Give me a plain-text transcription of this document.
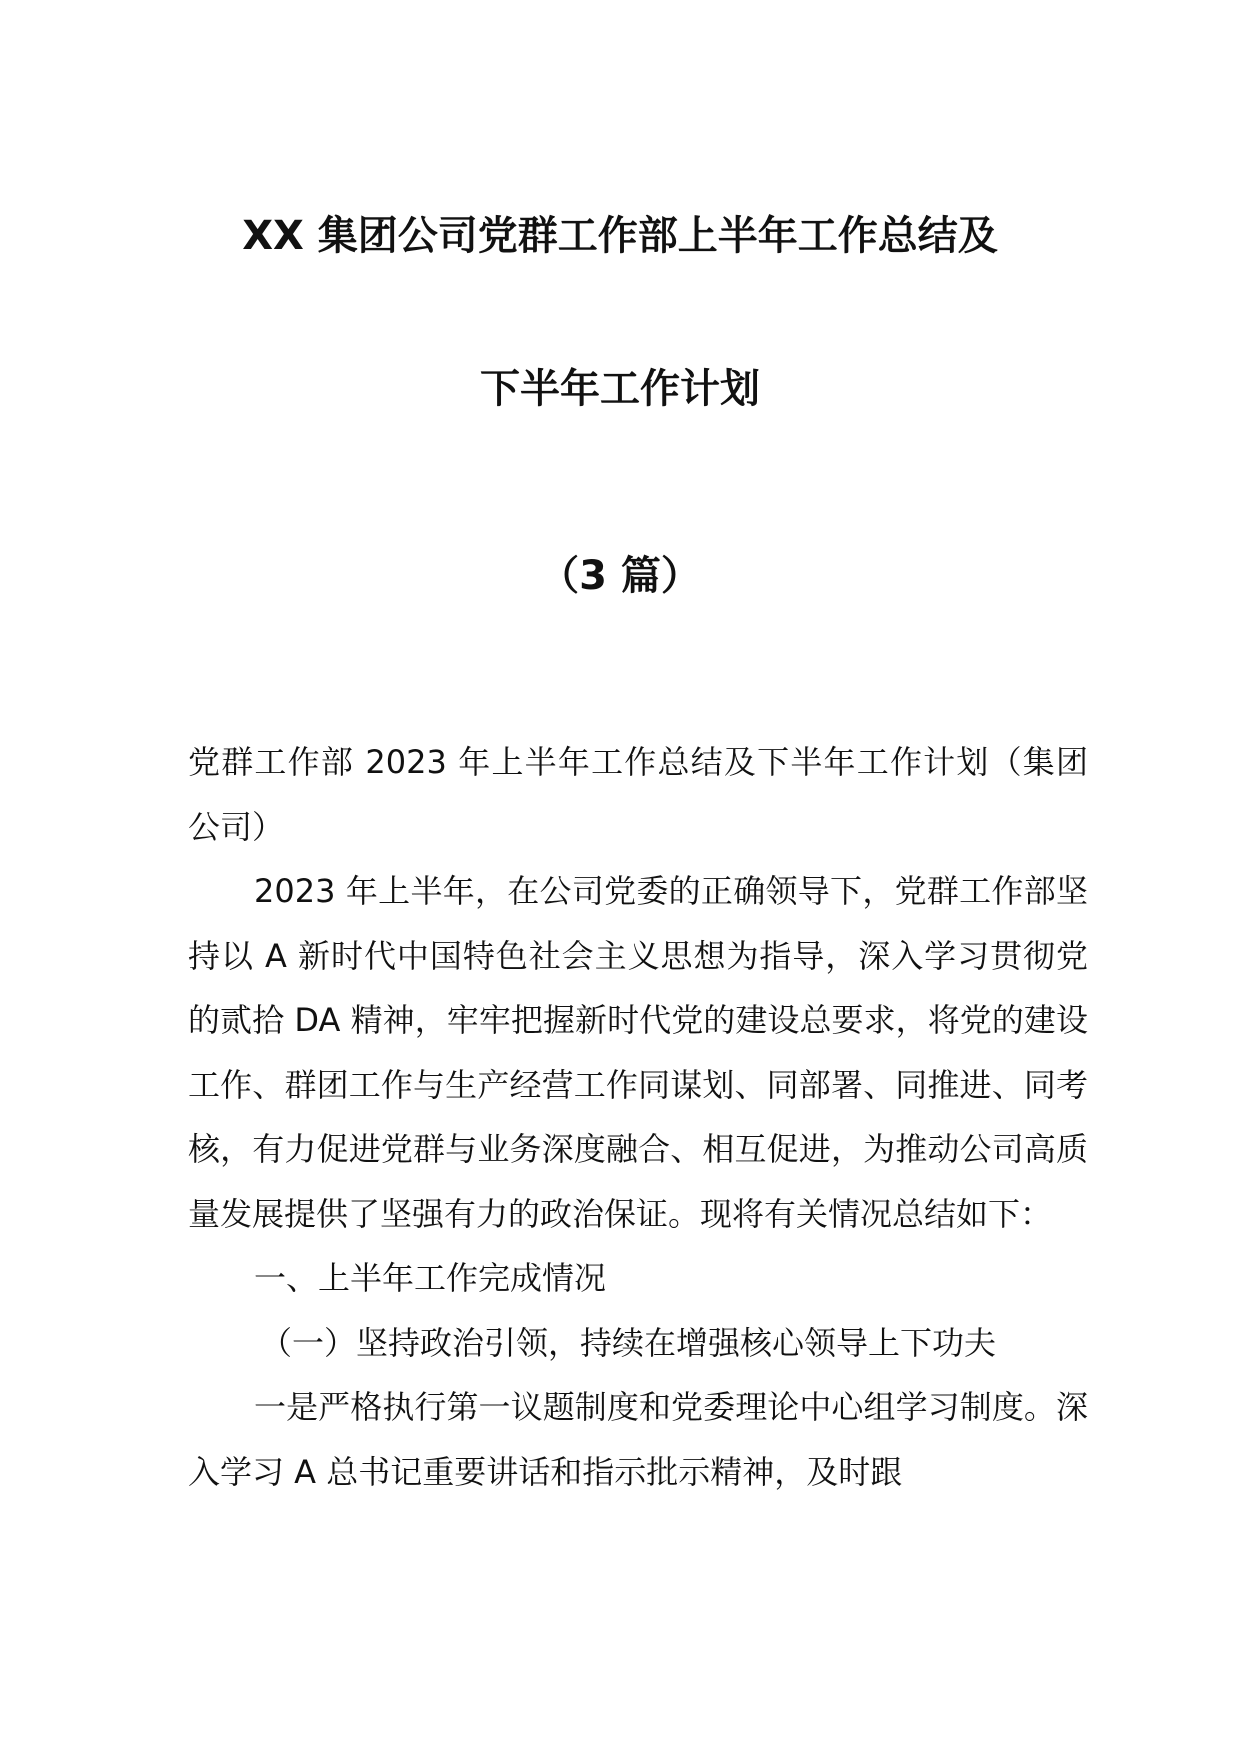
XX 集团公司党群工作部上半年工作总结及
下半年工作计划
（3 篇）

党群工作部 2023 年上半年工作总结及下半年工作计划（集团公司）

2023 年上半年，在公司党委的正确领导下，党群工作部坚持以 A 新时代中国特色社会主义思想为指导，深入学习贯彻党的贰拾 DA 精神，牢牢把握新时代党的建设总要求，将党的建设工作、群团工作与生产经营工作同谋划、同部署、同推进、同考核，有力促进党群与业务深度融合、相互促进，为推动公司高质量发展提供了坚强有力的政治保证。现将有关情况总结如下：

一、上半年工作完成情况

（一）坚持政治引领，持续在增强核心领导上下功夫

一是严格执行第一议题制度和党委理论中心组学习制度。深入学习 A 总书记重要讲话和指示批示精神，及时跟
